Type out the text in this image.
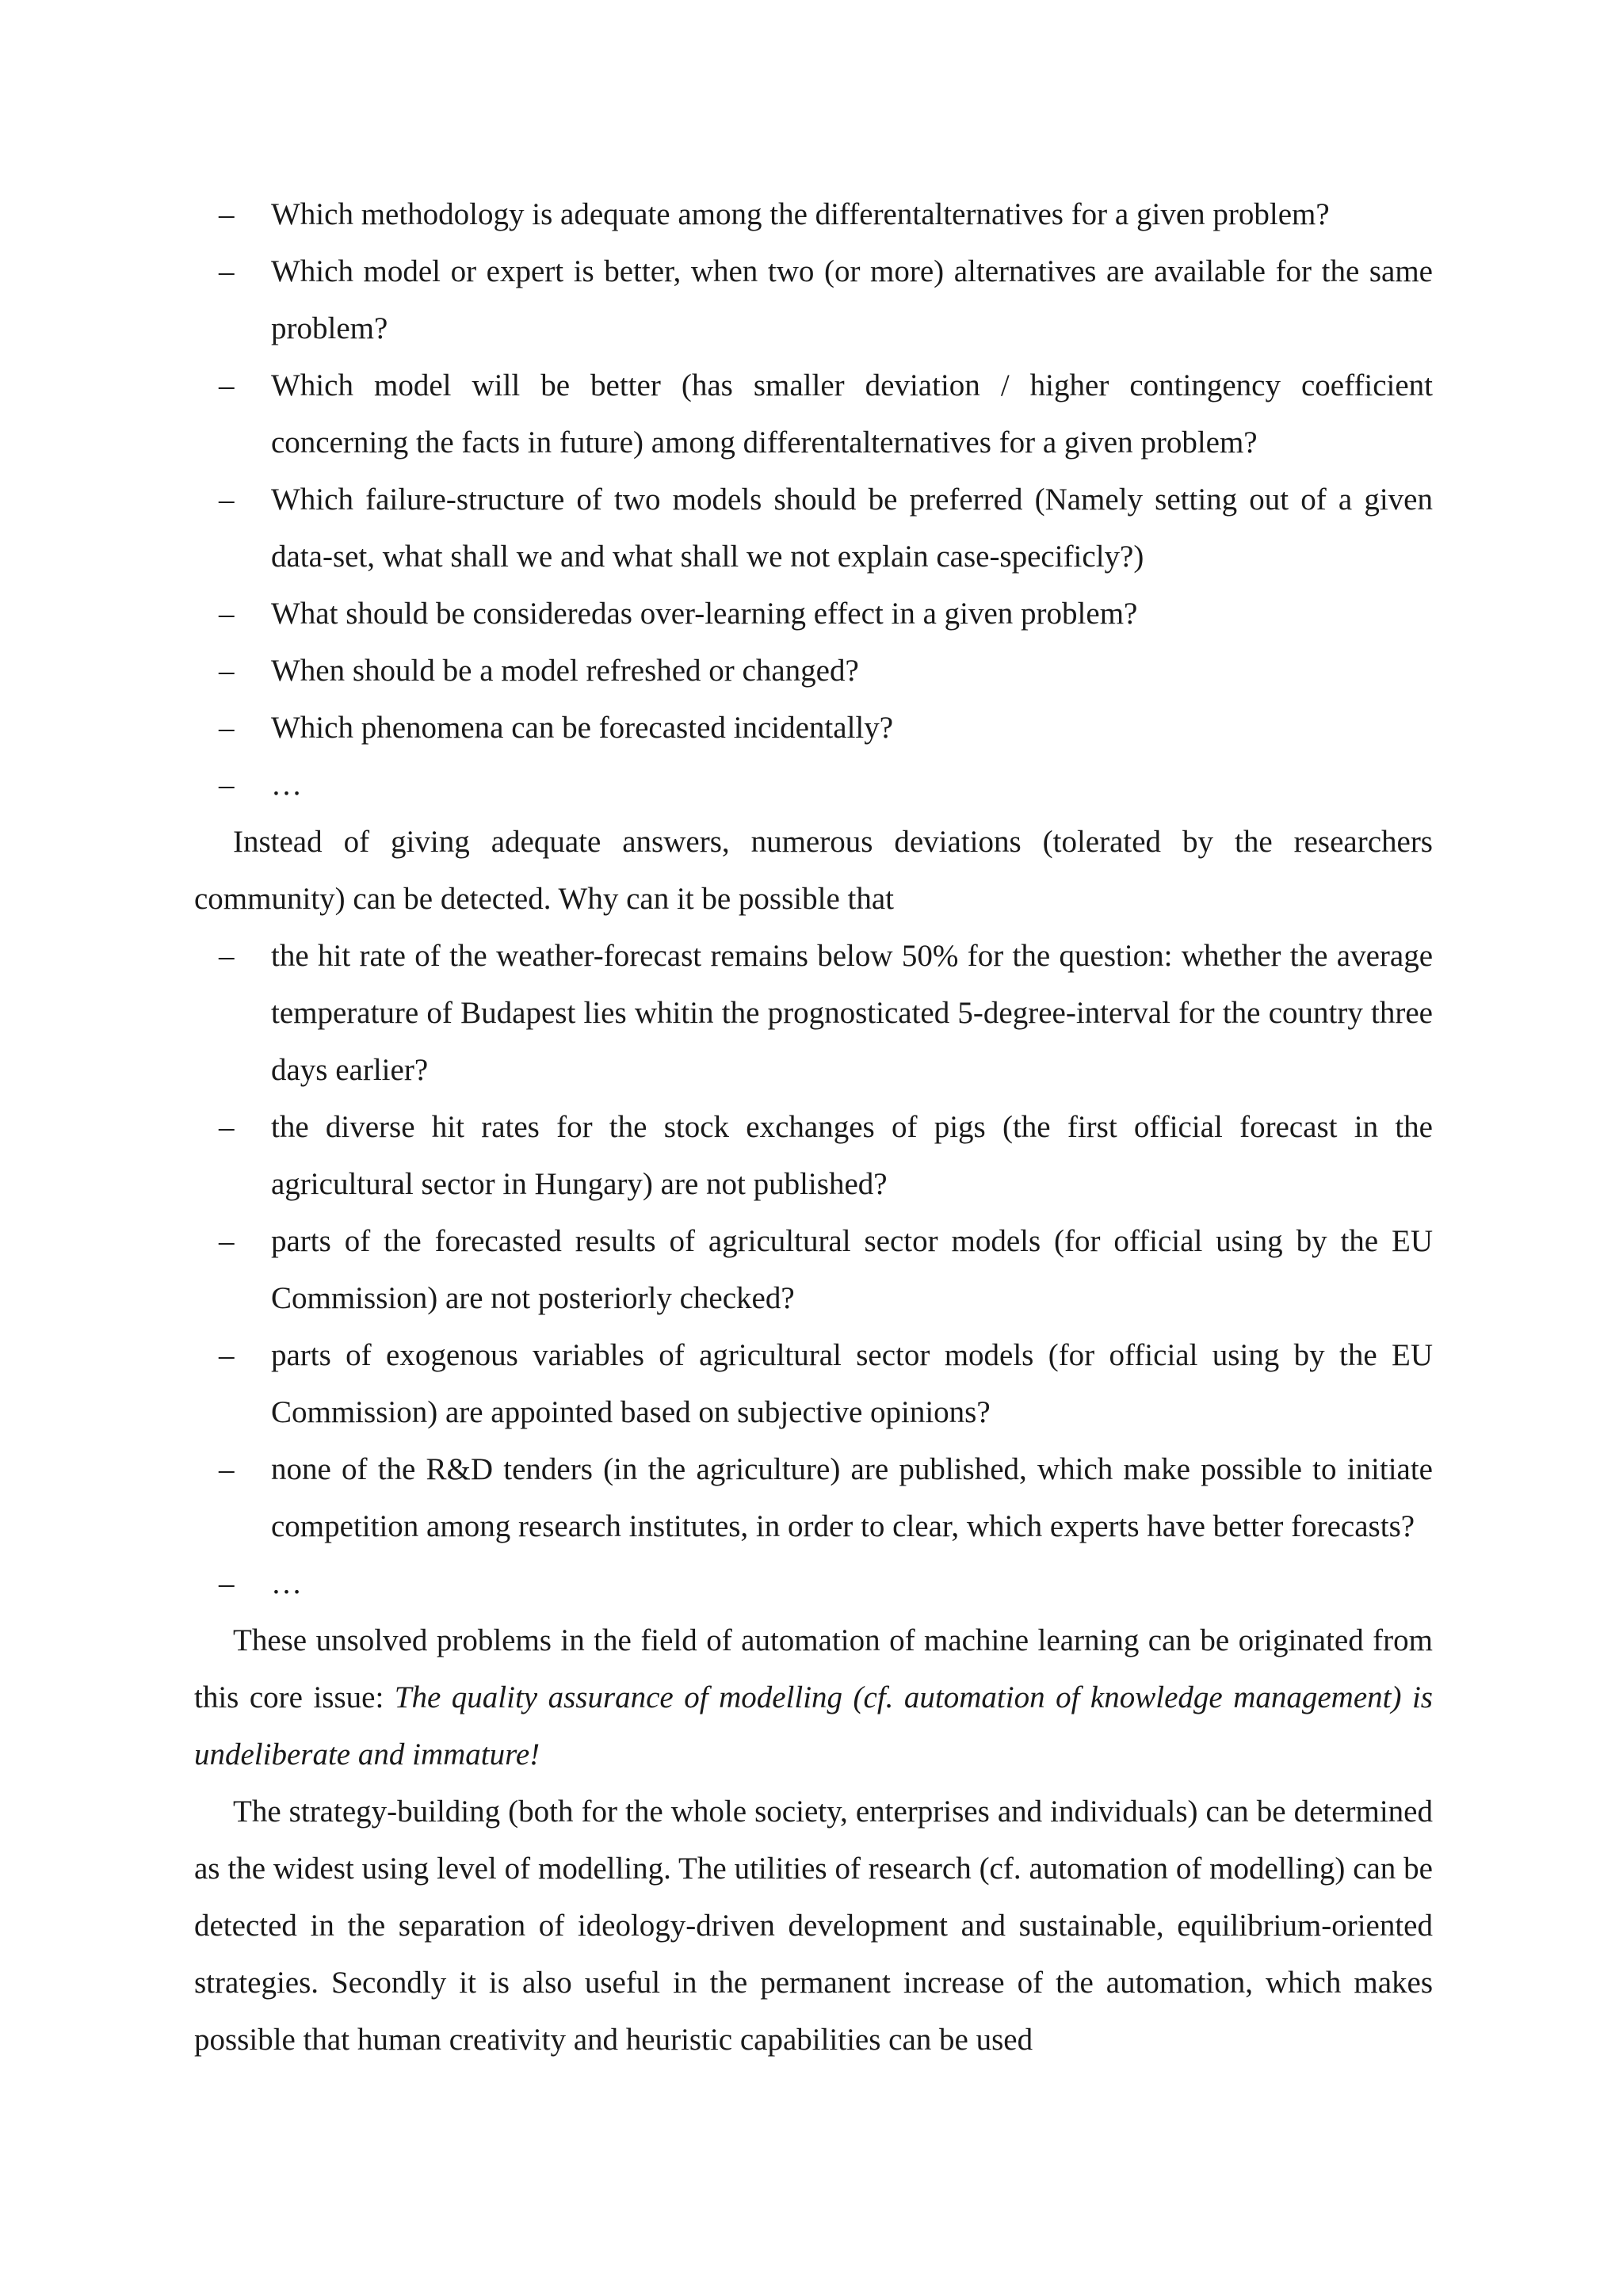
– Which methodology is adequate among the differentalternatives for a given problem?
– Which model or expert is better, when two (or more) alternatives are available for the same problem?
– Which model will be better (has smaller deviation / higher contingency coefficient concerning the facts in future) among differentalternatives for a given problem?
– Which failure-structure of two models should be preferred (Namely setting out of a given data-set, what shall we and what shall we not explain case-specificly?)
– What should be consideredas over-learning effect in a given problem?
– When should be a model refreshed or changed?
– Which phenomena can be forecasted incidentally?
– …

Instead of giving adequate answers, numerous deviations (tolerated by the researchers community) can be detected. Why can it be possible that

– the hit rate of the weather-forecast remains below 50% for the question: whether the average temperature of Budapest lies whitin the prognosticated 5-degree-interval for the country three days earlier?
– the diverse hit rates for the stock exchanges of pigs (the first official forecast in the agricultural sector in Hungary) are not published?
– parts of the forecasted results of agricultural sector models (for official using by the EU Commission) are not posteriorly checked?
– parts of exogenous variables of agricultural sector models (for official using by the EU Commission) are appointed based on subjective opinions?
– none of the R&D tenders (in the agriculture) are published, which make possible to initiate competition among research institutes, in order to clear, which experts have better forecasts?
– …

These unsolved problems in the field of automation of machine learning can be originated from this core issue: The quality assurance of modelling (cf. automation of knowledge management) is undeliberate and immature!

The strategy-building (both for the whole society, enterprises and individuals) can be determined as the widest using level of modelling. The utilities of research (cf. automation of modelling) can be detected in the separation of ideology-driven development and sustainable, equilibrium-oriented strategies. Secondly it is also useful in the permanent increase of the automation, which makes possible that human creativity and heuristic capabilities can be used
